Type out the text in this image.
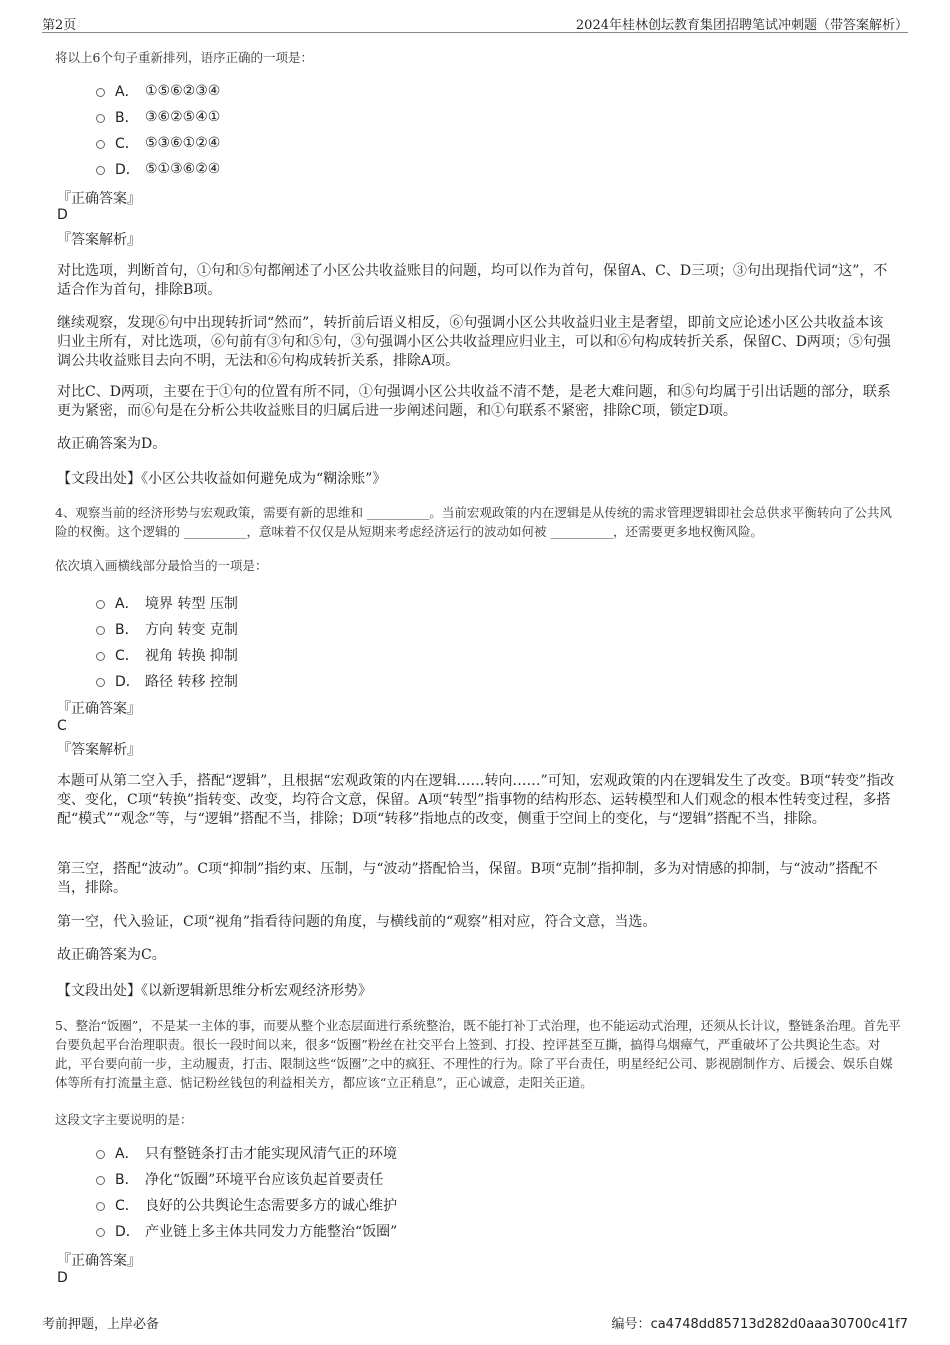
第2页	2024年桂林创坛教育集团招聘笔试冲刺题（带答案解析）
将以上6个句子重新排列，语序正确的一项是：
A． ①⑤⑥②③④
B． ③⑥②⑤④①
C． ⑤③⑥①②④
D． ⑤①③⑥②④
『正确答案』
D
『答案解析』
对比选项，判断首句，①句和⑤句都阐述了小区公共收益账目的问题，均可以作为首句，保留A、C、D三项；③句出现指代词“这”，不适合作为首句，排除B项。
继续观察，发现⑥句中出现转折词“然而”，转折前后语义相反，⑥句强调小区公共收益归业主是奢望，即前文应论述小区公共收益本该归业主所有，对比选项，⑥句前有③句和⑤句，③句强调小区公共收益理应归业主，可以和⑥句构成转折关系，保留C、D两项；⑤句强调公共收益账目去向不明，无法和⑥句构成转折关系，排除A项。
对比C、D两项，主要在于①句的位置有所不同，①句强调小区公共收益不清不楚，是老大难问题，和⑤句均属于引出话题的部分，联系更为紧密，而⑥句是在分析公共收益账目的归属后进一步阐述问题，和①句联系不紧密，排除C项，锁定D项。
故正确答案为D。
【文段出处】《小区公共收益如何避免成为“糊涂账”》
4、观察当前的经济形势与宏观政策，需要有新的思维和 __________。当前宏观政策的内在逻辑是从传统的需求管理逻辑即社会总供求平衡转向了公共风险的权衡。这个逻辑的 __________，意味着不仅仅是从短期来考虑经济运行的波动如何被 __________，还需要更多地权衡风险。
依次填入画横线部分最恰当的一项是：
A． 境界 转型 压制
B． 方向 转变 克制
C． 视角 转换 抑制
D． 路径 转移 控制
『正确答案』
C
『答案解析』
本题可从第二空入手，搭配“逻辑”，且根据“宏观政策的内在逻辑……转向……”可知，宏观政策的内在逻辑发生了改变。B项“转变”指改变、变化，C项“转换”指转变、改变，均符合文意，保留。A项“转型”指事物的结构形态、运转模型和人们观念的根本性转变过程，多搭配“模式”“观念”等，与“逻辑”搭配不当，排除；D项“转移”指地点的改变，侧重于空间上的变化，与“逻辑”搭配不当，排除。
第三空，搭配“波动”。C项“抑制”指约束、压制，与“波动”搭配恰当，保留。B项“克制”指抑制，多为对情感的抑制，与“波动”搭配不当，排除。
第一空，代入验证，C项“视角”指看待问题的角度，与横线前的“观察”相对应，符合文意，当选。
故正确答案为C。
【文段出处】《以新逻辑新思维分析宏观经济形势》
5、整治“饭圈”，不是某一主体的事，而要从整个业态层面进行系统整治，既不能打补丁式治理，也不能运动式治理，还须从长计议，整链条治理。首先平台要负起平台治理职责。很长一段时间以来，很多“饭圈”粉丝在社交平台上签到、打投、控评甚至互撕，搞得乌烟瘴气，严重破坏了公共舆论生态。对此，平台要向前一步，主动履责，打击、限制这些“饭圈”之中的疯狂、不理性的行为。除了平台责任，明星经纪公司、影视剧制作方、后援会、娱乐自媒体等所有打流量主意、惦记粉丝钱包的利益相关方，都应该“立正稍息”，正心诚意，走阳关正道。
这段文字主要说明的是：
A． 只有整链条打击才能实现风清气正的环境
B． 净化“饭圈”环境平台应该负起首要责任
C． 良好的公共舆论生态需要多方的诚心维护
D． 产业链上多主体共同发力方能整治“饭圈”
『正确答案』
D
考前押题，上岸必备	编号：ca4748dd85713d282d0aaa30700c41f7
